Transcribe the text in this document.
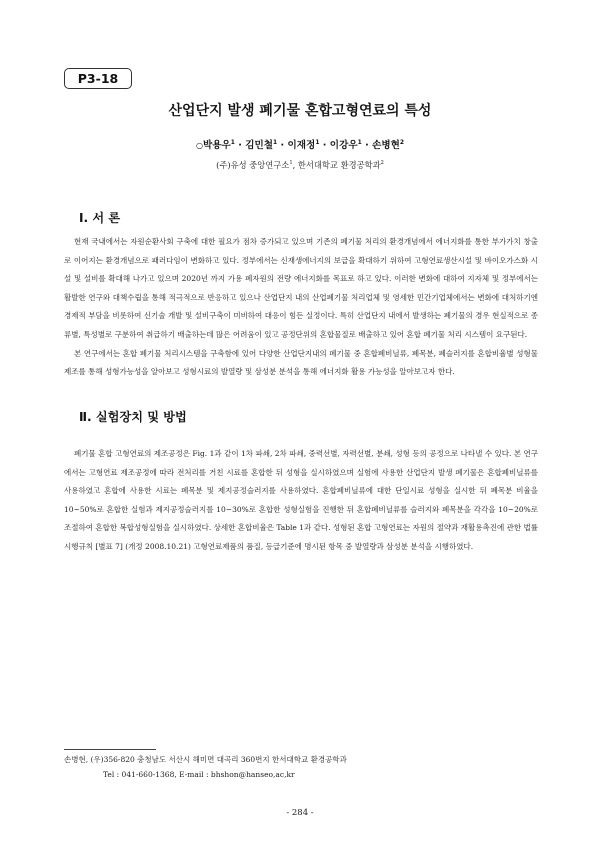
P3-18
산업단지 발생 폐기물 혼합고형연료의 특성
○박용우$^1$ · 김민철$^1$ · 이재정$^1$ · 이강우$^1$ · 손병현$^2$
(주)유성 중앙연구소$^1$, 한서대학교 환경공학과$^2$
Ⅰ. 서 론

현재 국내에서는 자원순환사회 구축에 대한 필요가 점차 증가되고 있으며 기존의 폐기물 처리의 환경개념에서 에너지화를 통한 부가가치 창출로 이어지는 환경개념으로 패러다임이 변화하고 있다. 정부에서는 신재생에너지의 보급을 확대하기 위하여 고형연료생산시설 및 바이오가스화 시설 및 설비를 확대해 나가고 있으며 2020년 까지 가용 폐자원의 전량 에너지화를 목표로 하고 있다. 이러한 변화에 대하여 지자체 및 정부에서는 활발한 연구와 대책수립을 통해 적극적으로 반응하고 있으나 산업단지 내의 산업폐기물 처리업체 및 영세한 민간기업체에서는 변화에 대처하기엔 경제적 부담을 비롯하여 신기술 개발 및 설비구축이 미비하여 대응이 힘든 실정이다. 특히 산업단지 내에서 발생하는 폐기물의 경우 현실적으로 종류별, 특성별로 구분하여 취급하기 배출하는데 많은 어려움이 있고 공정단위의 혼합물질로 배출하고 있어 혼합 폐기물 처리 시스템이 요구된다.

본 연구에서는 혼합 폐기물 처리시스템을 구축함에 있어 다양한 산업단지내의 폐기물 중 혼합폐비닐류, 폐목분, 폐슬러지를 혼합비율별 성형물 제조를 통해 성형가능성을 알아보고 성형시료의 발열량 및 삼성분 분석을 통해 에너지화 활용 가능성을 알아보고자 한다.

Ⅱ. 실험장치 및 방법

폐기물 혼합 고형연료의 제조공정은 Fig. 1과 같이 1차 파쇄, 2차 파쇄, 중력선별, 자력선별, 분쇄, 성형 등의 공정으로 나타낼 수 있다. 본 연구에서는 고형연료 제조공정에 따라 전처리를 거친 시료를 혼합한 뒤 성형을 실시하였으며 실험에 사용한 산업단지 발생 폐기물은 혼합폐비닐류를 사용하였고 혼합에 사용한 시료는 폐목분 및 제지공정슬러지를 사용하였다. 혼합폐비닐류에 대한 단일시료 성형을 실시한 뒤 폐목분 비율을 10~50%로 혼합한 실험과 제지공정슬러지를 10~30%로 혼합한 성형실험을 진행한 뒤 혼합폐비닐류를 슬러지와 폐목분을 각각을 10~20%로 조절하여 혼합한 복합성형실험을 실시하였다. 상세한 혼합비율은 Table 1과 같다. 성형된 혼합 고형연료는 자원의 절약과 재활용촉진에 관한 법률 시행규칙 [별표 7] (개정 2008.10.21) 고형연료제품의 품질, 등급기준에 명시된 항목 중 발열량과 삼성분 분석을 시행하였다.

손병현, (우)356-820 충청남도 서산시 해미면 대곡리 360번지 한서대학교 환경공학과
Tel : 041-660-1368, E-mail : bhshon@hanseo,ac,kr
- 284 -
